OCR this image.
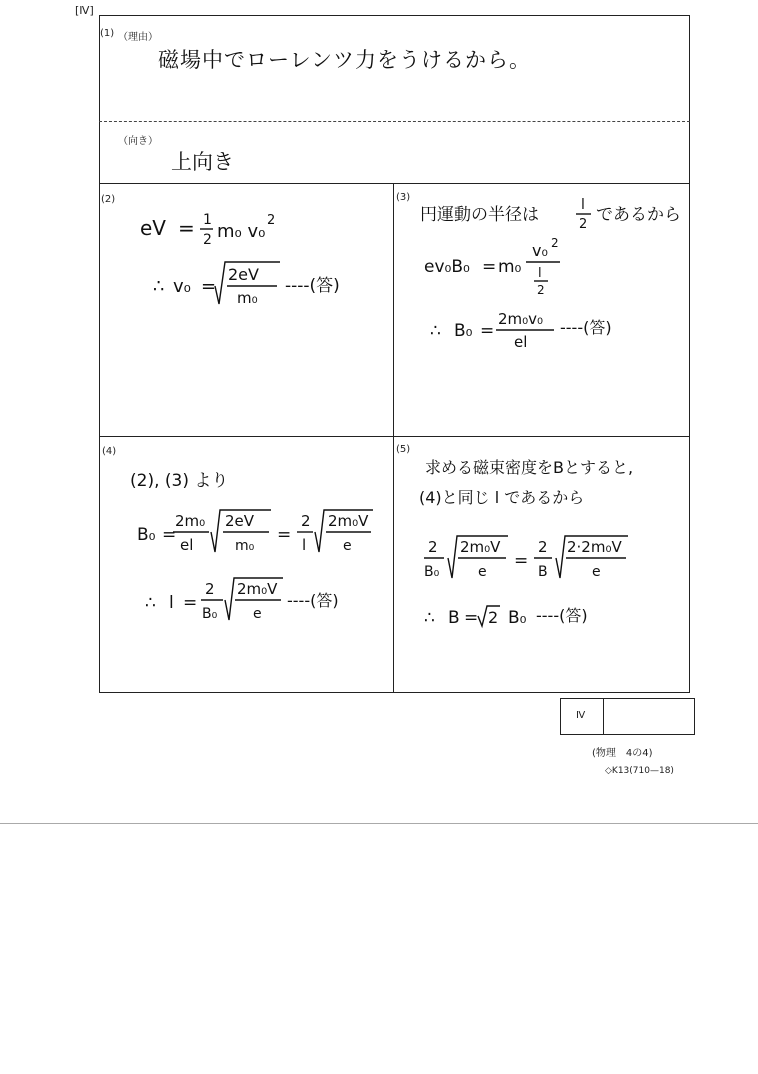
[Ⅳ]
(1) （理由）
磁場中でローレンツ力をうけるから。
（向き）
上向き
(2)
eV = 1
2 m₀ v₀
2
∴ v₀ =
2eV
m₀
----(答)
(3)
円運動の半径は	l
2 であるから
ev₀B₀ = m₀
v₀ 2
l
2
∴ B₀ =
2m₀v₀
el
----(答)
(4)
(2), (3) より
B₀ =
2m₀
el
2eV
m₀
=
2
l
2m₀V
e
∴ l =
2
B₀
2m₀V
e
----(答)
(5)
求める磁束密度をBとすると,
(4)と同じ l であるから
2
B₀
2m₀V
e
=
2
B
2·2m₀V
e
∴ B = 2 B₀ ----(答)
Ⅳ
(物理　4の4)
◇K13(710—18)
